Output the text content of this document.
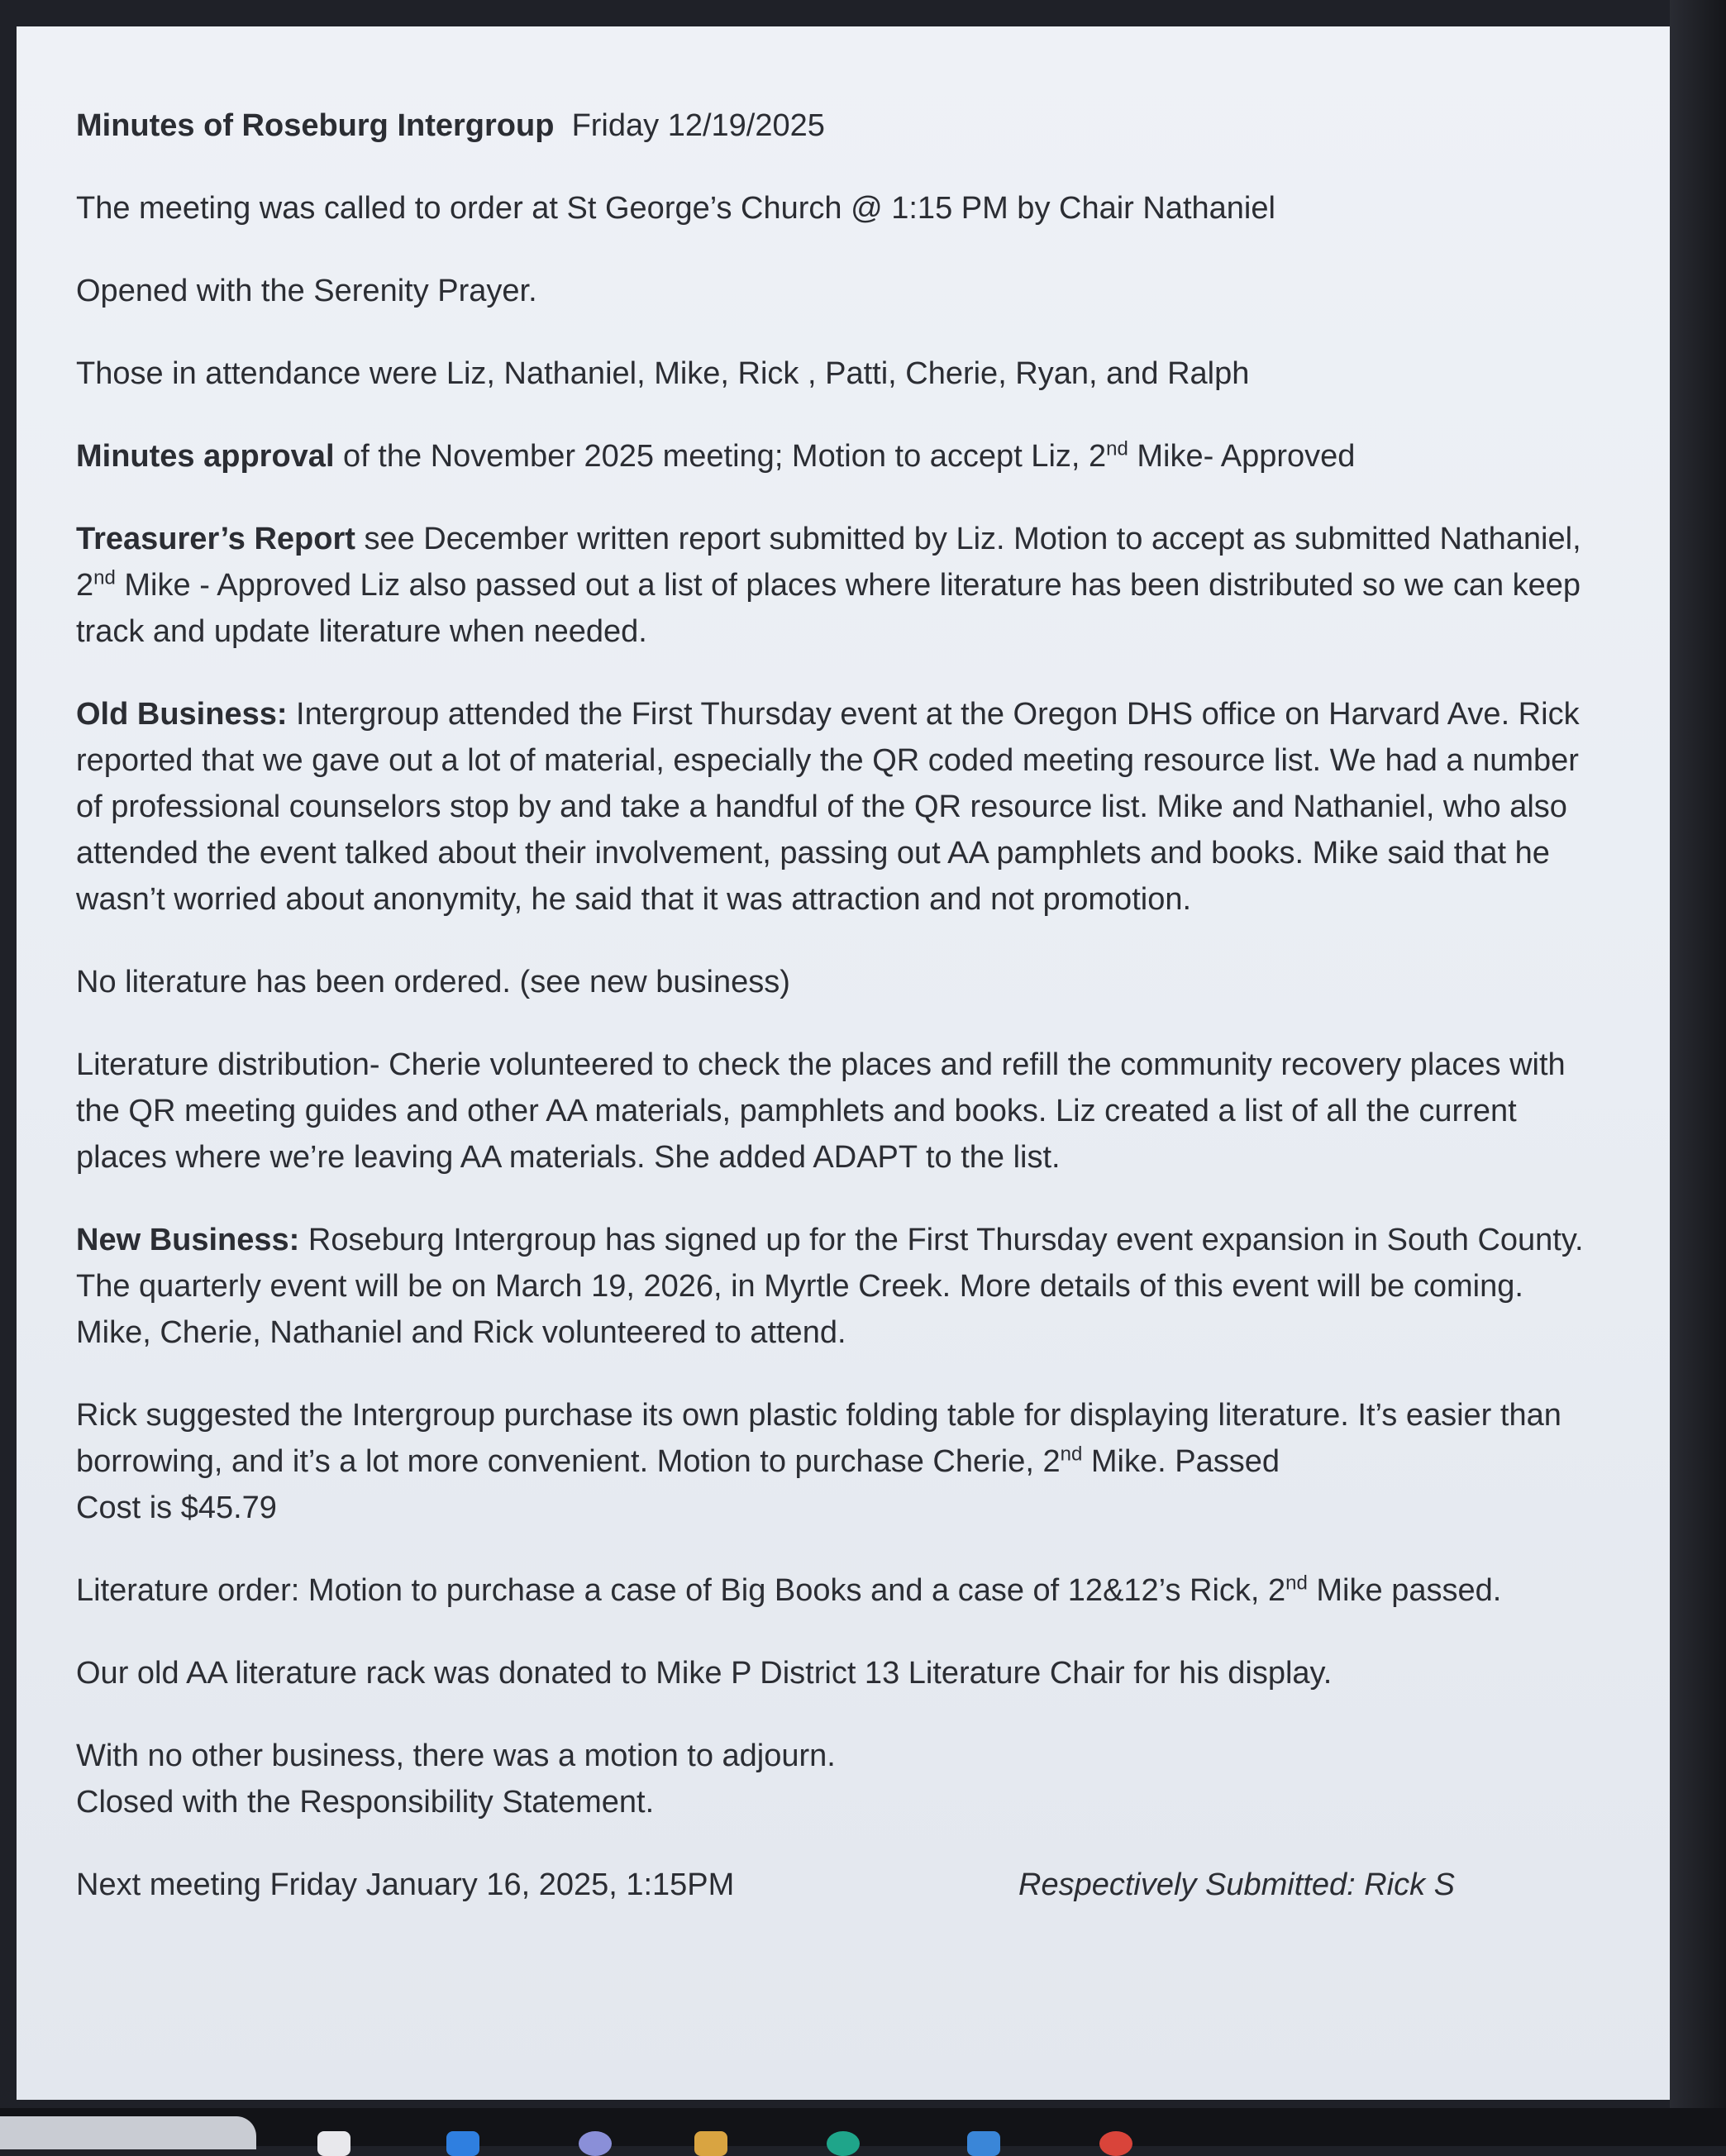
Minutes of Roseburg Intergroup Friday 12/19/2025

The meeting was called to order at St George’s Church @ 1:15 PM by Chair Nathaniel

Opened with the Serenity Prayer.

Those in attendance were Liz, Nathaniel, Mike, Rick , Patti, Cherie, Ryan, and Ralph

Minutes approval of the November 2025 meeting; Motion to accept Liz, 2nd Mike- Approved

Treasurer’s Report see December written report submitted by Liz. Motion to accept as submitted Nathaniel, 2nd Mike - Approved Liz also passed out a list of places where literature has been distributed so we can keep track and update literature when needed.

Old Business: Intergroup attended the First Thursday event at the Oregon DHS office on Harvard Ave. Rick reported that we gave out a lot of material, especially the QR coded meeting resource list. We had a number of professional counselors stop by and take a handful of the QR resource list. Mike and Nathaniel, who also attended the event talked about their involvement, passing out AA pamphlets and books. Mike said that he wasn’t worried about anonymity, he said that it was attraction and not promotion.

No literature has been ordered. (see new business)

Literature distribution- Cherie volunteered to check the places and refill the community recovery places with the QR meeting guides and other AA materials, pamphlets and books. Liz created a list of all the current places where we’re leaving AA materials. She added ADAPT to the list.

New Business: Roseburg Intergroup has signed up for the First Thursday event expansion in South County. The quarterly event will be on March 19, 2026, in Myrtle Creek. More details of this event will be coming. Mike, Cherie, Nathaniel and Rick volunteered to attend.

Rick suggested the Intergroup purchase its own plastic folding table for displaying literature. It’s easier than borrowing, and it’s a lot more convenient. Motion to purchase Cherie, 2nd Mike. Passed
Cost is $45.79

Literature order: Motion to purchase a case of Big Books and a case of 12&12’s Rick, 2nd Mike passed.

Our old AA literature rack was donated to Mike P District 13 Literature Chair for his display.

With no other business, there was a motion to adjourn.

Closed with the Responsibility Statement.

Next meeting Friday January 16, 2025, 1:15PM	Respectively Submitted: Rick S
